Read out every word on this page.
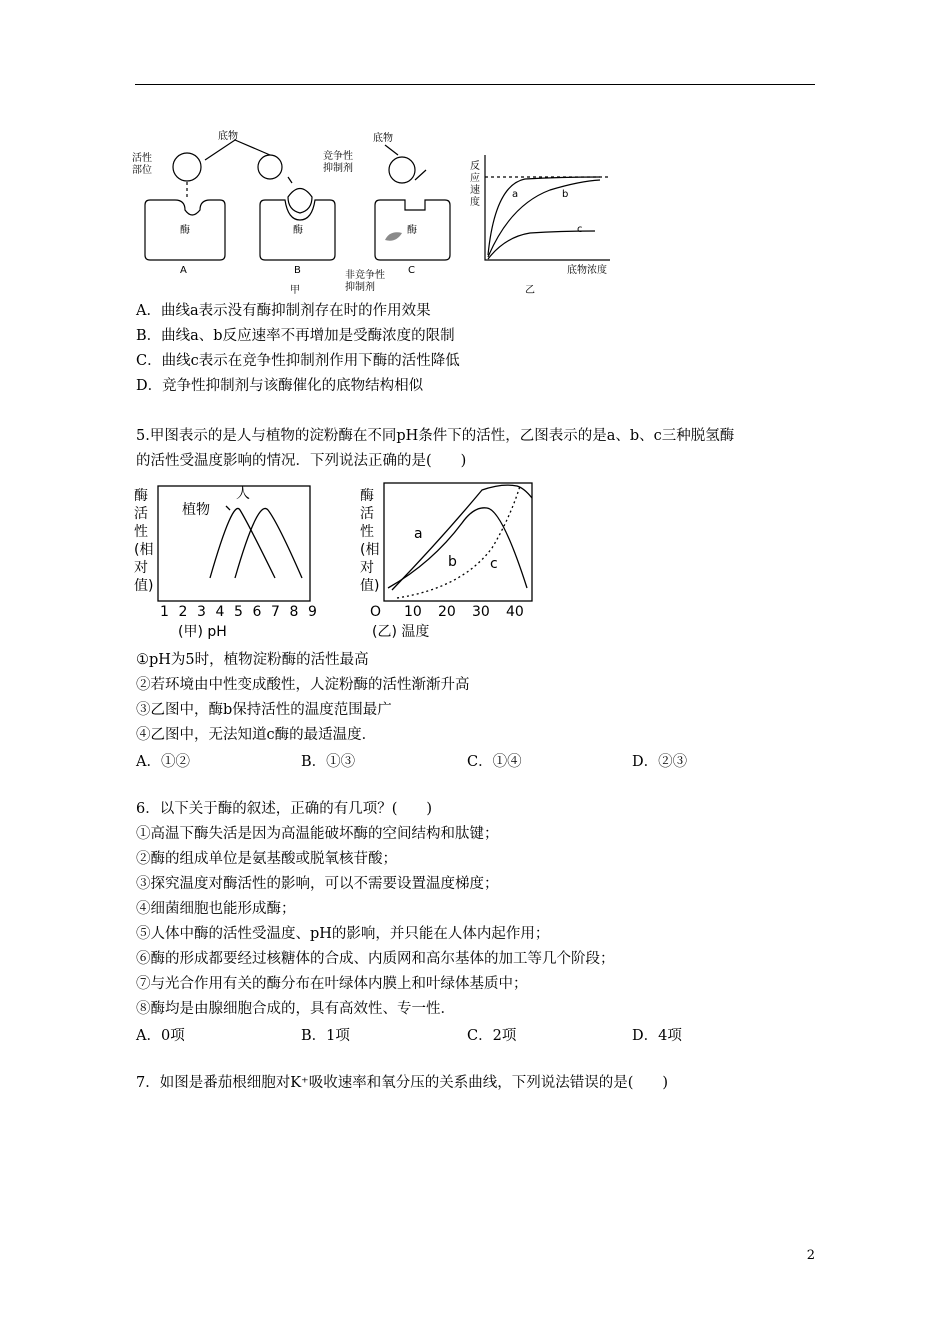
底物
活性
部位
酶	酶	酶
竞争性
抑制剂
底物
非竞争性
抑制剂
A	B	C
甲
反
应
速
度
底物浓度
a	b
c
乙
A．曲线a表示没有酶抑制剂存在时的作用效果
B．曲线a、b反应速率不再增加是受酶浓度的限制
C．曲线c表示在竞争性抑制剂作用下酶的活性降低
D．竞争性抑制剂与该酶催化的底物结构相似
5.甲图表示的是人与植物的淀粉酶在不同pH条件下的活性，乙图表示的是a、b、c三种脱氢酶
的活性受温度影响的情况．下列说法正确的是(　　)
酶
活
性
(相
对
值)
植物
人
1 2 3 4 5 6 7 8 9
(甲) pH
酶
活
性
(相
对
值)
a
b c
O 10 20 30 40
(乙) 温度
①pH为5时，植物淀粉酶的活性最高
②若环境由中性变成酸性，人淀粉酶的活性渐渐升高
③乙图中，酶b保持活性的温度范围最广
④乙图中，无法知道c酶的最适温度．
A．①②	B．①③	C．①④	D．②③
6．以下关于酶的叙述，正确的有几项？(　　)
①高温下酶失活是因为高温能破坏酶的空间结构和肽键；
②酶的组成单位是氨基酸或脱氧核苷酸；
③探究温度对酶活性的影响，可以不需要设置温度梯度；
④细菌细胞也能形成酶；
⑤人体中酶的活性受温度、pH的影响，并只能在人体内起作用；
⑥酶的形成都要经过核糖体的合成、内质网和高尔基体的加工等几个阶段；
⑦与光合作用有关的酶分布在叶绿体内膜上和叶绿体基质中；
⑧酶均是由腺细胞合成的，具有高效性、专一性．
A．0项	B．1项	C．2项	D．4项
7．如图是番茄根细胞对K⁺吸收速率和氧分压的关系曲线，下列说法错误的是(　　)
2
